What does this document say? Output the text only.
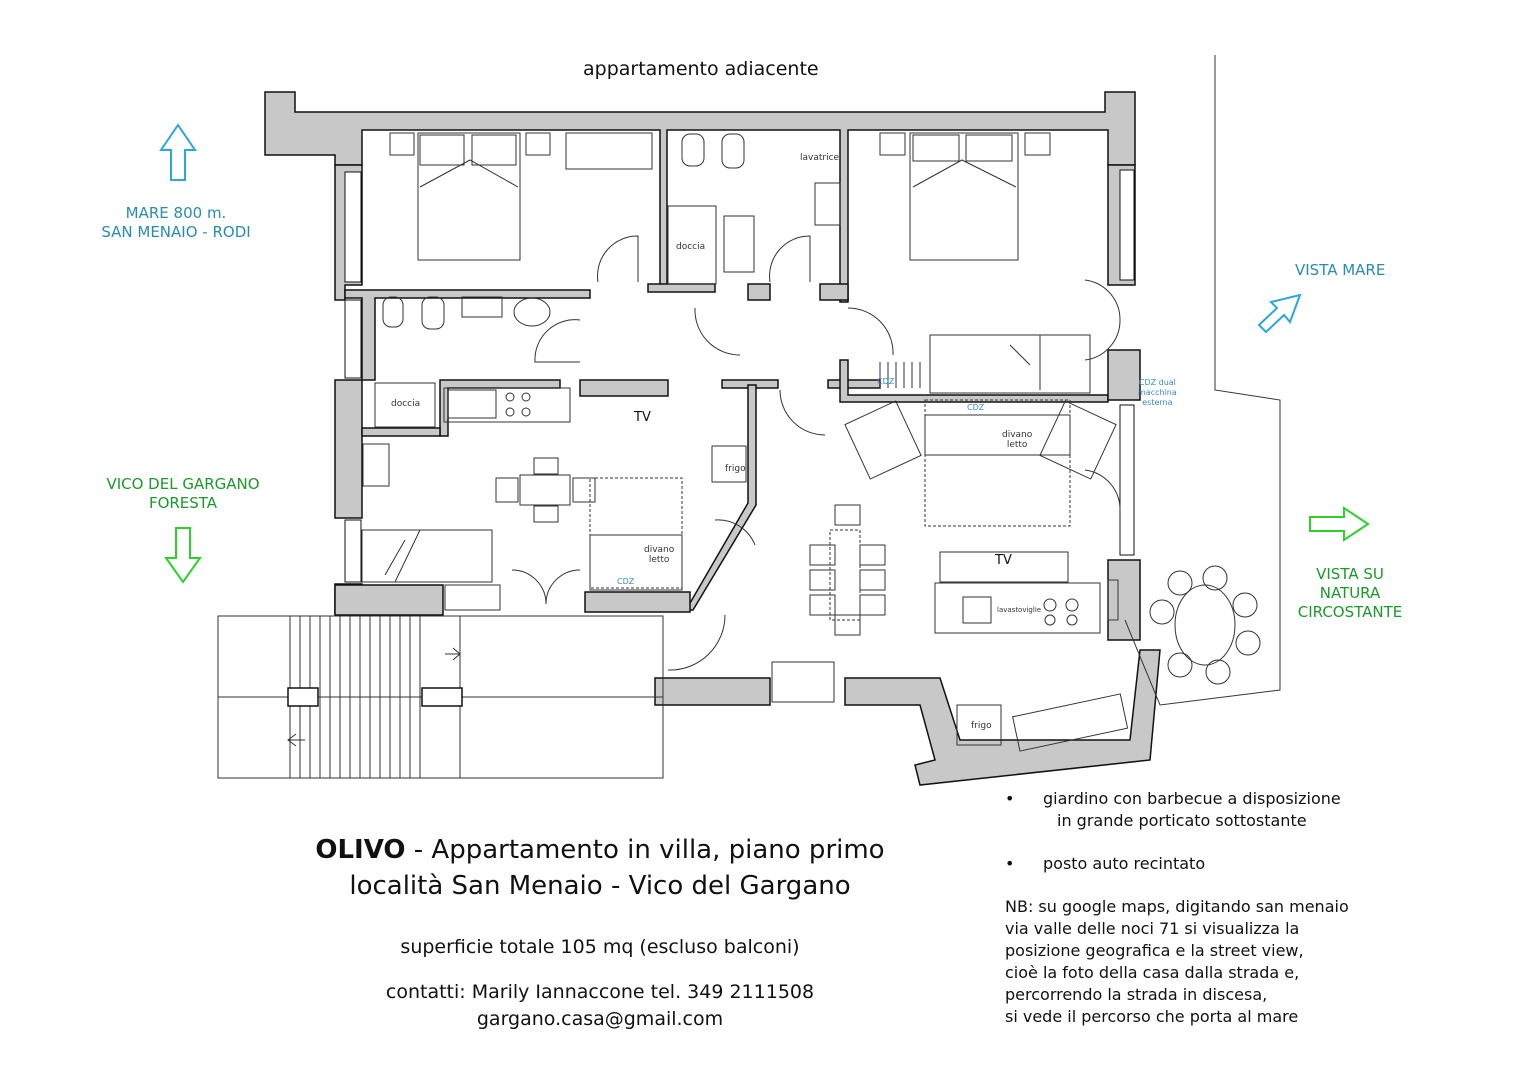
appartamento adiacente
MARE 800 m.
SAN MENAIO - RODI
VICO DEL GARGANO
FORESTA
VISTA MARE
VISTA SU
NATURA
CIRCOSTANTE
lavatrice
doccia
doccia
TV
TV
frigo
frigo
divano
letto
divano
letto
CDZ
CDZ
CDZ	CDZ dual
macchina
esterna
lavastoviglie
OLIVO - Appartamento in villa, piano primo
località San Menaio - Vico del Gargano
superficie totale 105 mq (escluso balconi)
contatti: Marily Iannaccone tel. 349 2111508
gargano.casa@gmail.com
• giardino con barbecue a disposizione
in grande porticato sottostante
• posto auto recintato
NB: su google maps, digitando san menaio
via valle delle noci 71 si visualizza la
posizione geografica e la street view,
cioè la foto della casa dalla strada e,
percorrendo la strada in discesa,
si vede il percorso che porta al mare
